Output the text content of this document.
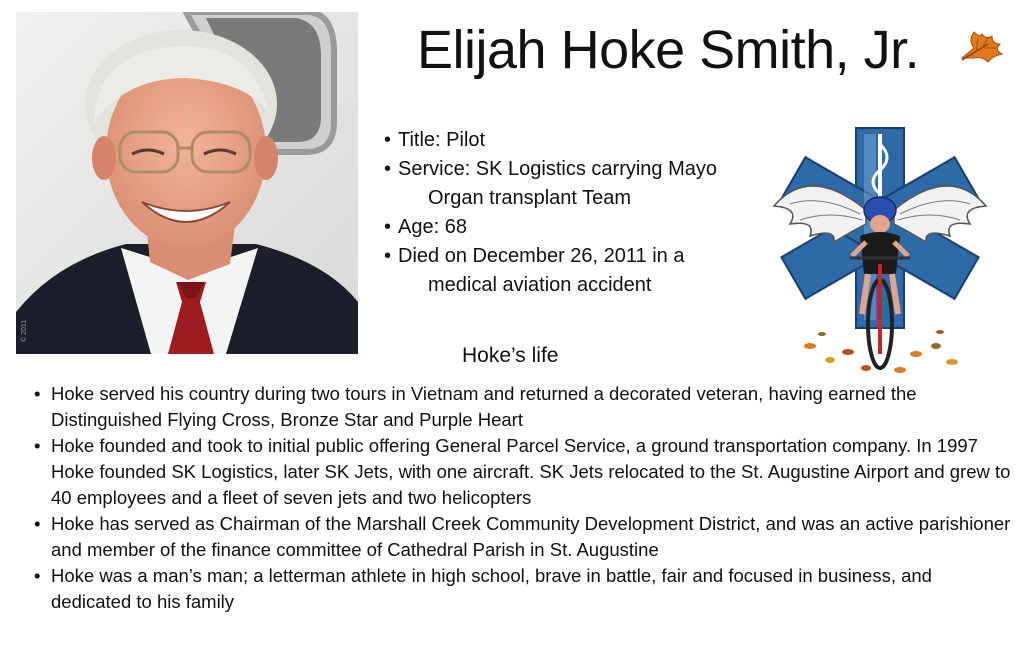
© 2011
Elijah Hoke Smith, Jr.
• Title: Pilot
• Service: SK Logistics carrying Mayo
Organ transplant Team
• Age: 68
• Died on December 26, 2011 in a
medical aviation accident
Hoke’s life
• Hoke served his country during two tours in Vietnam and returned a decorated veteran, having earned the Distinguished Flying Cross, Bronze Star and Purple Heart
• Hoke founded and took to initial public offering General Parcel Service, a ground transportation company. In 1997 Hoke founded SK Logistics, later SK Jets, with one aircraft. SK Jets relocated to the St. Augustine Airport and grew to 40 employees and a fleet of seven jets and two helicopters
• Hoke has served as Chairman of the Marshall Creek Community Development District, and was an active parishioner and member of the finance committee of Cathedral Parish in St. Augustine
• Hoke was a man’s man; a letterman athlete in high school, brave in battle, fair and focused in business, and dedicated to his family
